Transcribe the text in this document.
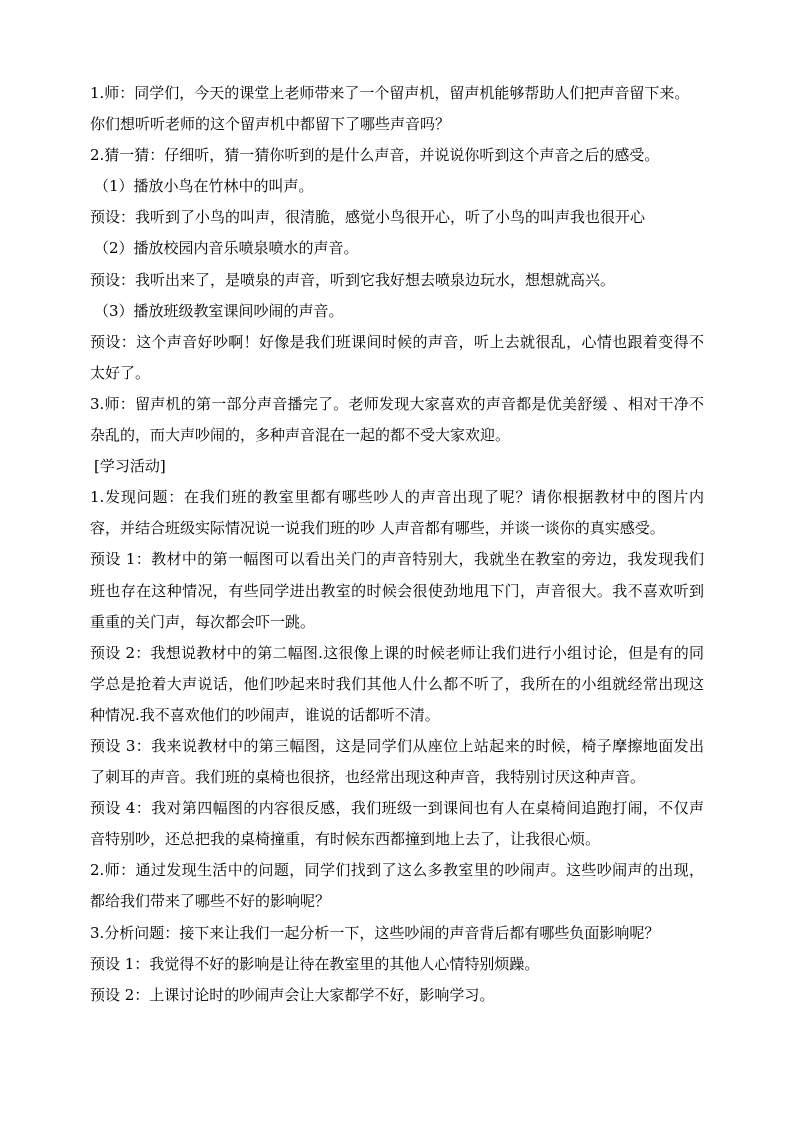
1.师：同学们，今天的课堂上老师带来了一个留声机，留声机能够帮助人们把声音留下来。

你们想听听老师的这个留声机中都留下了哪些声音吗？

2.猜一猜：仔细听，猜一猜你听到的是什么声音，并说说你听到这个声音之后的感受。

（1）播放小鸟在竹林中的叫声。

预设：我听到了小鸟的叫声，很清脆，感觉小鸟很开心，听了小鸟的叫声我也很开心

（2）播放校园内音乐喷泉喷水的声音。

预设：我听出来了，是喷泉的声音，听到它我好想去喷泉边玩水，想想就高兴。

（3）播放班级教室课间吵闹的声音。

预设：这个声音好吵啊！好像是我们班课间时候的声音，听上去就很乱，心情也跟着变得不太好了。

3.师：留声机的第一部分声音播完了。老师发现大家喜欢的声音都是优美舒缓 、相对干净不杂乱的，而大声吵闹的，多种声音混在一起的都不受大家欢迎。

[学习活动]

1.发现问题：在我们班的教室里都有哪些吵人的声音出现了呢？请你根据教材中的图片内容，并结合班级实际情况说一说我们班的吵 人声音都有哪些，并谈一谈你的真实感受。

预设 1：教材中的第一幅图可以看出关门的声音特别大，我就坐在教室的旁边，我发现我们班也存在这种情况，有些同学进出教室的时候会很使劲地甩下门，声音很大。我不喜欢听到重重的关门声，每次都会吓一跳。

预设 2：我想说教材中的第二幅图.这很像上课的时候老师让我们进行小组讨论，但是有的同学总是抢着大声说话，他们吵起来时我们其他人什么都不听了，我所在的小组就经常出现这种情况.我不喜欢他们的吵闹声，谁说的话都听不清。

预设 3：我来说教材中的第三幅图，这是同学们从座位上站起来的时候，椅子摩擦地面发出了刺耳的声音。我们班的桌椅也很挤，也经常出现这种声音，我特别讨厌这种声音。

预设 4：我对第四幅图的内容很反感，我们班级一到课间也有人在桌椅间追跑打闹，不仅声音特别吵，还总把我的桌椅撞重，有时候东西都撞到地上去了，让我很心烦。

2.师：通过发现生活中的问题，同学们找到了这么多教室里的吵闹声。这些吵闹声的出现，都给我们带来了哪些不好的影响呢？

3.分析问题：接下来让我们一起分析一下，这些吵闹的声音背后都有哪些负面影响呢？

预设 1：我觉得不好的影响是让待在教室里的其他人心情特别烦躁。

预设 2：上课讨论时的吵闹声会让大家都学不好，影响学习。
